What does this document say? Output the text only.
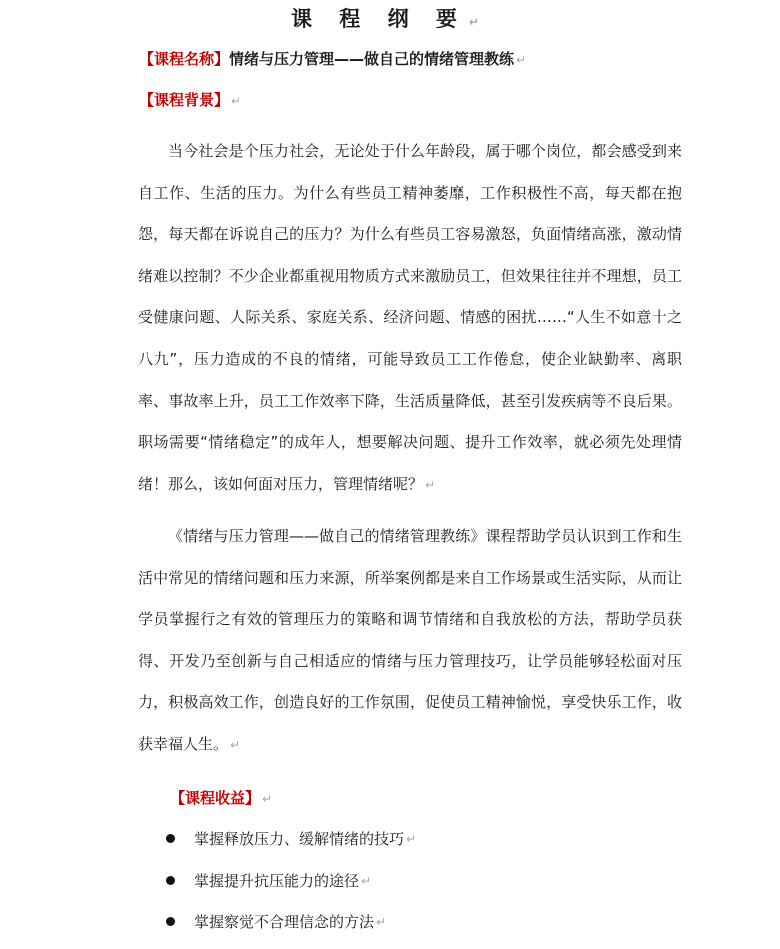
课 程 纲 要 ↵
【课程名称】情绪与压力管理——做自己的情绪管理教练 ↵
【课程背景】 ↵

当今社会是个压力社会，无论处于什么年龄段，属于哪个岗位，都会感受到来自工作、生活的压力。为什么有些员工精神萎靡，工作积极性不高，每天都在抱怨，每天都在诉说自己的压力？为什么有些员工容易激怒，负面情绪高涨，激动情绪难以控制？不少企业都重视用物质方式来激励员工，但效果往往并不理想，员工受健康问题、人际关系、家庭关系、经济问题、情感的困扰……“人生不如意十之八九”，压力造成的不良的情绪，可能导致员工工作倦怠，使企业缺勤率、离职率、事故率上升，员工工作效率下降，生活质量降低，甚至引发疾病等不良后果。职场需要“情绪稳定”的成年人，想要解决问题、提升工作效率，就必须先处理情绪！那么，该如何面对压力，管理情绪呢？ ↵

《情绪与压力管理——做自己的情绪管理教练》课程帮助学员认识到工作和生活中常见的情绪问题和压力来源，所举案例都是来自工作场景或生活实际，从而让学员掌握行之有效的管理压力的策略和调节情绪和自我放松的方法，帮助学员获得、开发乃至创新与自己相适应的情绪与压力管理技巧，让学员能够轻松面对压力，积极高效工作，创造良好的工作氛围，促使员工精神愉悦，享受快乐工作，收获幸福人生。 ↵

【课程收益】 ↵
掌握释放压力、缓解情绪的技巧 ↵
掌握提升抗压能力的途径 ↵
掌握察觉不合理信念的方法 ↵
